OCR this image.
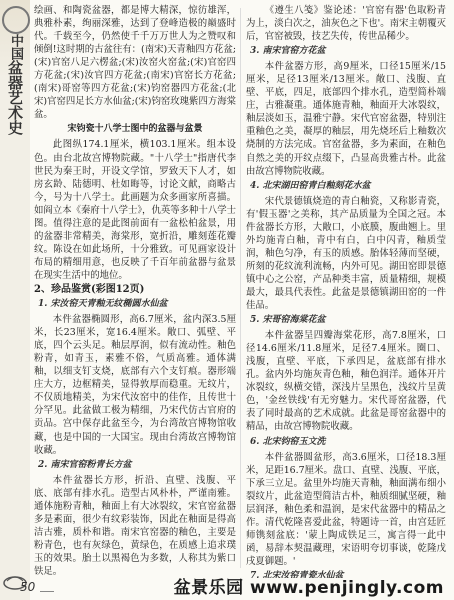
中国盆器艺术史

绘画、和陶瓷盆器，都是博大精深，惊彷雄浑，典雅朴素，绚丽深雅，达到了登峰造极的巅盛时代。千载至今，仍然使千千万万世人为之赞叹和倾倒!这时期的古盆往有：(南宋)天青釉四方花盆;(宋)官窑八足六楞盆;(宋)汝窑火窑盆;(宋)官窑四方花盆;(宋)汝官四方花盆;(南宋)官窑长方花盆;(南宋)哥窑等四方花盆;(宋)钧窑器四方花盆;(北宋)官窑四足长方水仙盆;(宋)钧窑玫瑰紫四方海棠盆。

宋钧瓷十八学士图中的盆器与盆景

此图纵174.1厘米，横103.1厘米。组本设色。由台北故宫博物院藏。"十八学士"指唐代李世民为秦王时，开设文学馆，罗致天下人才，如房玄龄、陆德明、杜如晦等，讨论文献，商略古今，号为十八学士。此画题为众多画家所喜描。如阎立本《秦府十八学士》，仇英等多种十八学士图。值得注意的是此图前面有一盆松柏盆景，用的盆器非常精美，海棠形，宽折沿，雕刻莲花瓣纹。陈设在如此场所，十分雅致。可见画家设计布局的精细用意，也反映了千百年前盆器与盆景在现实生活中的地位。

2、珍品鉴赏(彩图12页)
1. 宋汝窑天青釉无纹椭圆水仙盆

本件盆器椭圆形，高6.7厘米，盆内深3.5厘米，长23厘米，宽16.4厘米。敞口、弧壁、平底，四个云头足。釉层厚润，似有流动性。釉色粉青，如青玉，素雅不俗，气质高雅。通体满釉，以细支钉支烧，底部有六个支钉痕。器形端庄大方，边框精美，显得敦厚而稳重。无纹片，不仅质地精美，为宋代汝窑中的佳作，且传世十分罕见。此盆做工极为精细，乃宋代仿古官府的贡品。宫中保存此盆至今，为台湾故宫博物馆收藏，也是中国的一大国宝。现由台湾故宫博物馆收藏。

2. 南宋官窑粉青长方盆

本件盆器长方形，折沿、直壁、浅腹、平底、底部有排水孔。造型古风朴朴，严谨南雅。通体施粉青釉，釉面上有大冰裂纹，宋官窑盆器多是素面，很少有纹彩装饰，因此在釉面是得高洁古雅，质朴和谐。南宋官窑器的釉色，主要是粉青色，也有灰绿色，黄绿色，在质感上追求璞玉的效果。胎土以黑褐色为多数，人称其为紫口铁足。

《遵生八笺》鉴论述：'官窑有器'色取粉青为上，淡白次之，油灰色之下也'。南宋主朝覆灭后，官窑被毁，技艺失传，传世品稀少。

3. 南宋官窑方花盆

本件盆器方形，高9厘米，口径15厘米/15厘米，足径13厘米/13厘米。敞口、浅腹、直壁、平底，四足，底部四个排水孔，造型简朴端庄，古雅凝重。通体施青釉，釉面开大冰裂纹，釉层淡如玉，温雅宁静。宋代官窑盆器，特别注重釉色之美，凝厚的釉层，用先烧坯后上釉数次烧制的方法完成。官窑盆器，多为素面，在釉色自然之美的开纹点缀下，凸显高贵雅古朴。此盆由故宫博物院收藏。

4. 北宋湖田窑青白釉刻花水盆

宋代景德镇烧造的青白釉瓷，又称影青瓷，有'假玉器'之美称，其产品质量为全国之冠。本件盆器长方形，大敞口，小底膜，腹曲翘上。里外均施青白釉，青中有白，白中闪青，釉质莹润，釉色匀净，有玉的质感。胎体轻薄而坚硬，所刻的花纹流利流畅，内外可见。湖田窑即景德镇中心之公窑，产品种类丰富，质量精细，规模最大，最具代表性。此盆是景德镇湖田窑的一件佳品。

5. 宋哥窑海棠花盆

本件盆器呈四瓣海棠花形，高7.8厘米，口径14.6厘米/11.8厘米，足径7.4厘米。圈口、浅腹，直壁、平底，下承四足，盆底部有排水孔。盆内外均施灰青色釉，釉色润洋。通体开片冰裂纹，纵横交错，深浅片呈黑色，浅纹片呈黄色，'金丝铁线'有无穷魅力。宋代哥窑盆器，代表了同时最高的艺术成就。此盆是哥窑盆器中的精品，由故宫博物院收藏。

6. 北宋钧窑玉文洗

本件盆器圆盆形，高3.6厘米，口径18.3厘米，足距16.7厘米。盘口、直壁、浅腹、平底，下承三立足。盆里外均施天青釉，釉面满布细小裂纹片，此盆造型简洁古朴，釉质细腻坚硬，釉层润泽，釉色柔和温润，是宋代盆器中的精品之作。清代乾隆喜爱此盆，特题诗一首，由宫廷匠师镌刻盆底：'蒙上陶成铁足三，寓言得一此中函，易辞本契温藏理，宋语明夸切事谈，乾隆戊戌夏御题。'

7. 北宋汝窑青瓷水仙盆

50	盆景乐园 www.penjingly.com
